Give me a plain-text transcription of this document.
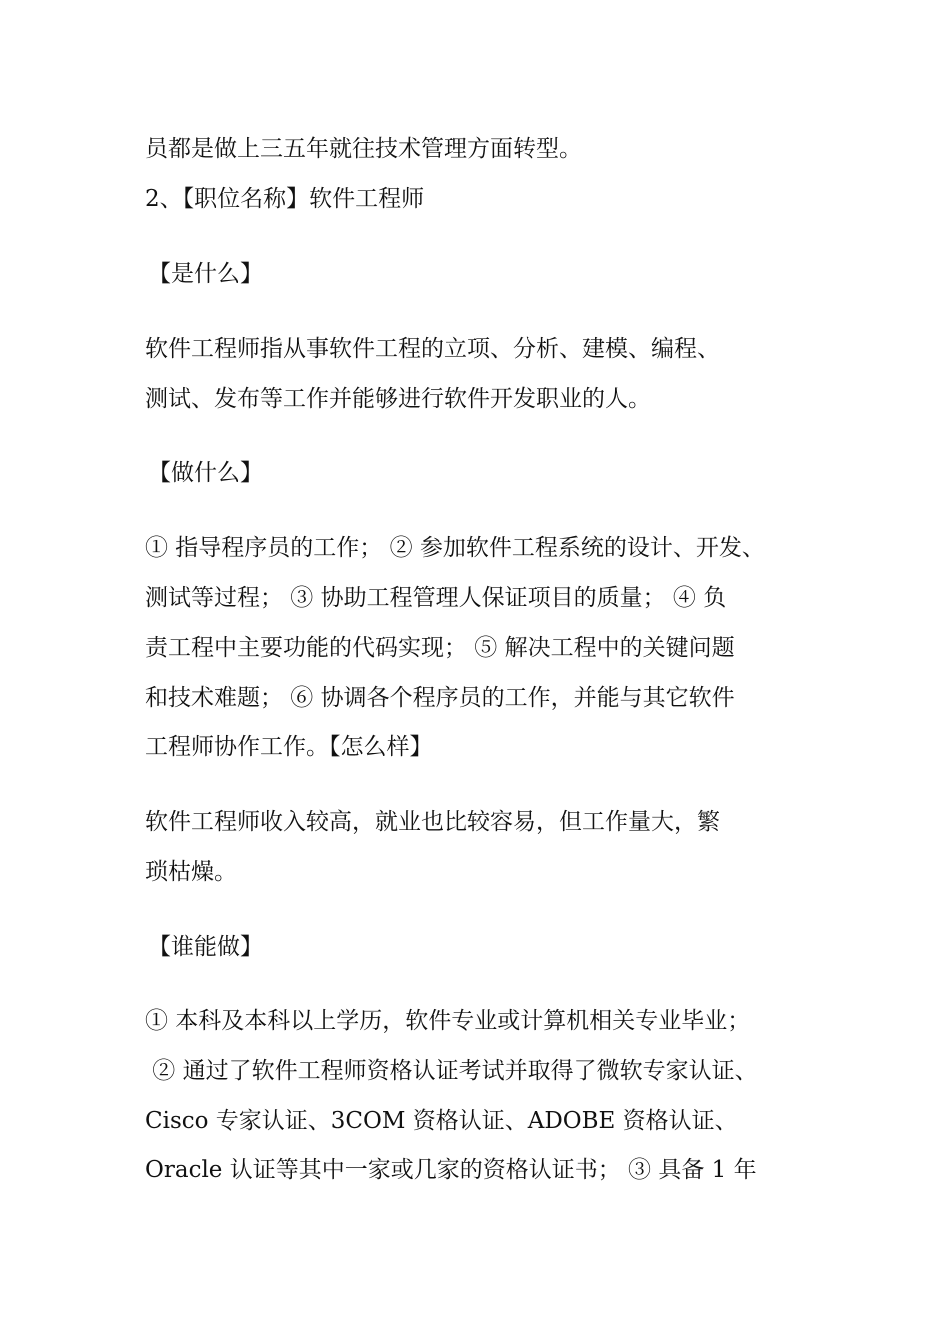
员都是做上三五年就往技术管理方面转型。
2、【职位名称】软件工程师
【是什么】
软件工程师指从事软件工程的立项、分析、建模、编程、
测试、发布等工作并能够进行软件开发职业的人。
【做什么】
① 指导程序员的工作； ② 参加软件工程系统的设计、开发、
测试等过程； ③ 协助工程管理人保证项目的质量； ④ 负
责工程中主要功能的代码实现； ⑤ 解决工程中的关键问题
和技术难题； ⑥ 协调各个程序员的工作，并能与其它软件
工程师协作工作。【怎么样】
软件工程师收入较高，就业也比较容易，但工作量大，繁
琐枯燥。
【谁能做】
① 本科及本科以上学历，软件专业或计算机相关专业毕业；
② 通过了软件工程师资格认证考试并取得了微软专家认证、
Cisco 专家认证、3COM 资格认证、ADOBE 资格认证、
Oracle 认证等其中一家或几家的资格认证书； ③ 具备 1 年
